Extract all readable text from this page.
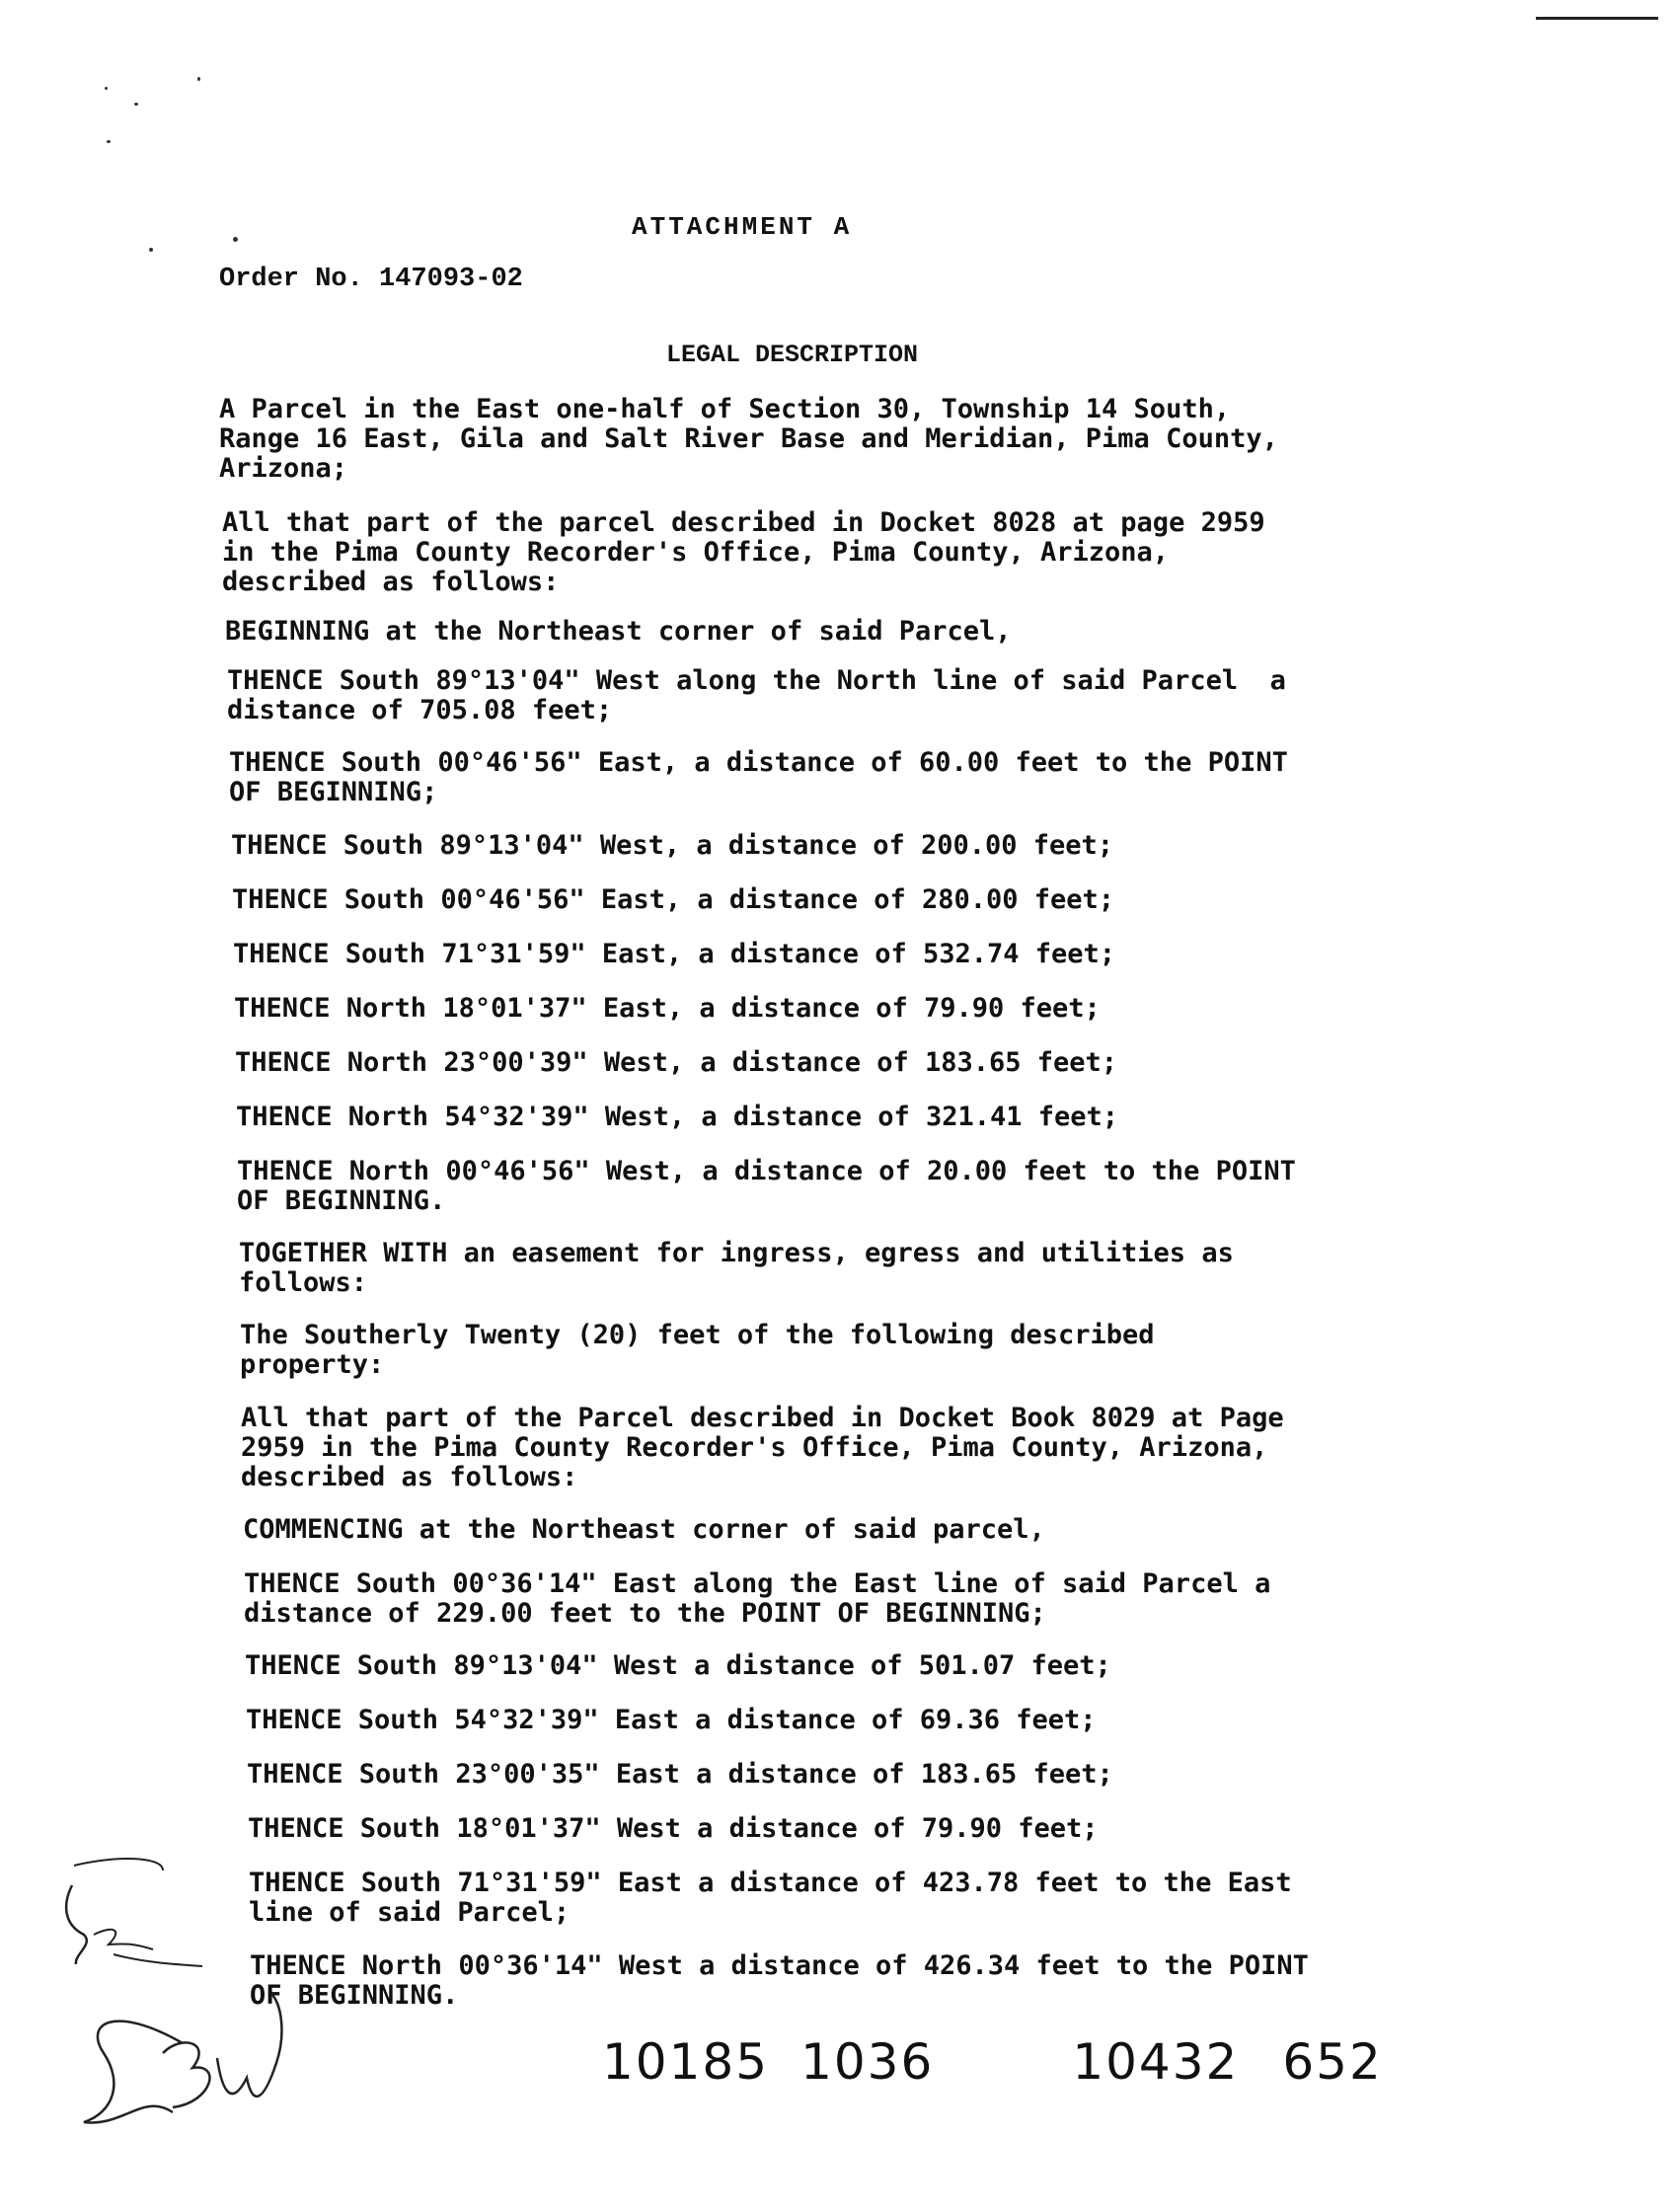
ATTACHMENT A
Order No. 147093-02
LEGAL DESCRIPTION
A Parcel in the East one-half of Section 30, Township 14 South,
Range 16 East, Gila and Salt River Base and Meridian, Pima County,
Arizona;
All that part of the parcel described in Docket 8028 at page 2959
in the Pima County Recorder's Office, Pima County, Arizona,
described as follows:
BEGINNING at the Northeast corner of said Parcel,
THENCE South 89°13'04" West along the North line of said Parcel  a
distance of 705.08 feet;
THENCE South 00°46'56" East, a distance of 60.00 feet to the POINT
OF BEGINNING;
THENCE South 89°13'04" West, a distance of 200.00 feet;
THENCE South 00°46'56" East, a distance of 280.00 feet;
THENCE South 71°31'59" East, a distance of 532.74 feet;
THENCE North 18°01'37" East, a distance of 79.90 feet;
THENCE North 23°00'39" West, a distance of 183.65 feet;
THENCE North 54°32'39" West, a distance of 321.41 feet;
THENCE North 00°46'56" West, a distance of 20.00 feet to the POINT
OF BEGINNING.
TOGETHER WITH an easement for ingress, egress and utilities as
follows:
The Southerly Twenty (20) feet of the following described
property:
All that part of the Parcel described in Docket Book 8029 at Page
2959 in the Pima County Recorder's Office, Pima County, Arizona,
described as follows:
COMMENCING at the Northeast corner of said parcel,
THENCE South 00°36'14" East along the East line of said Parcel a
distance of 229.00 feet to the POINT OF BEGINNING;
THENCE South 89°13'04" West a distance of 501.07 feet;
THENCE South 54°32'39" East a distance of 69.36 feet;
THENCE South 23°00'35" East a distance of 183.65 feet;
THENCE South 18°01'37" West a distance of 79.90 feet;
THENCE South 71°31'59" East a distance of 423.78 feet to the East
line of said Parcel;
THENCE North 00°36'14" West a distance of 426.34 feet to the POINT
OF BEGINNING.
10185 1036	10432 652
